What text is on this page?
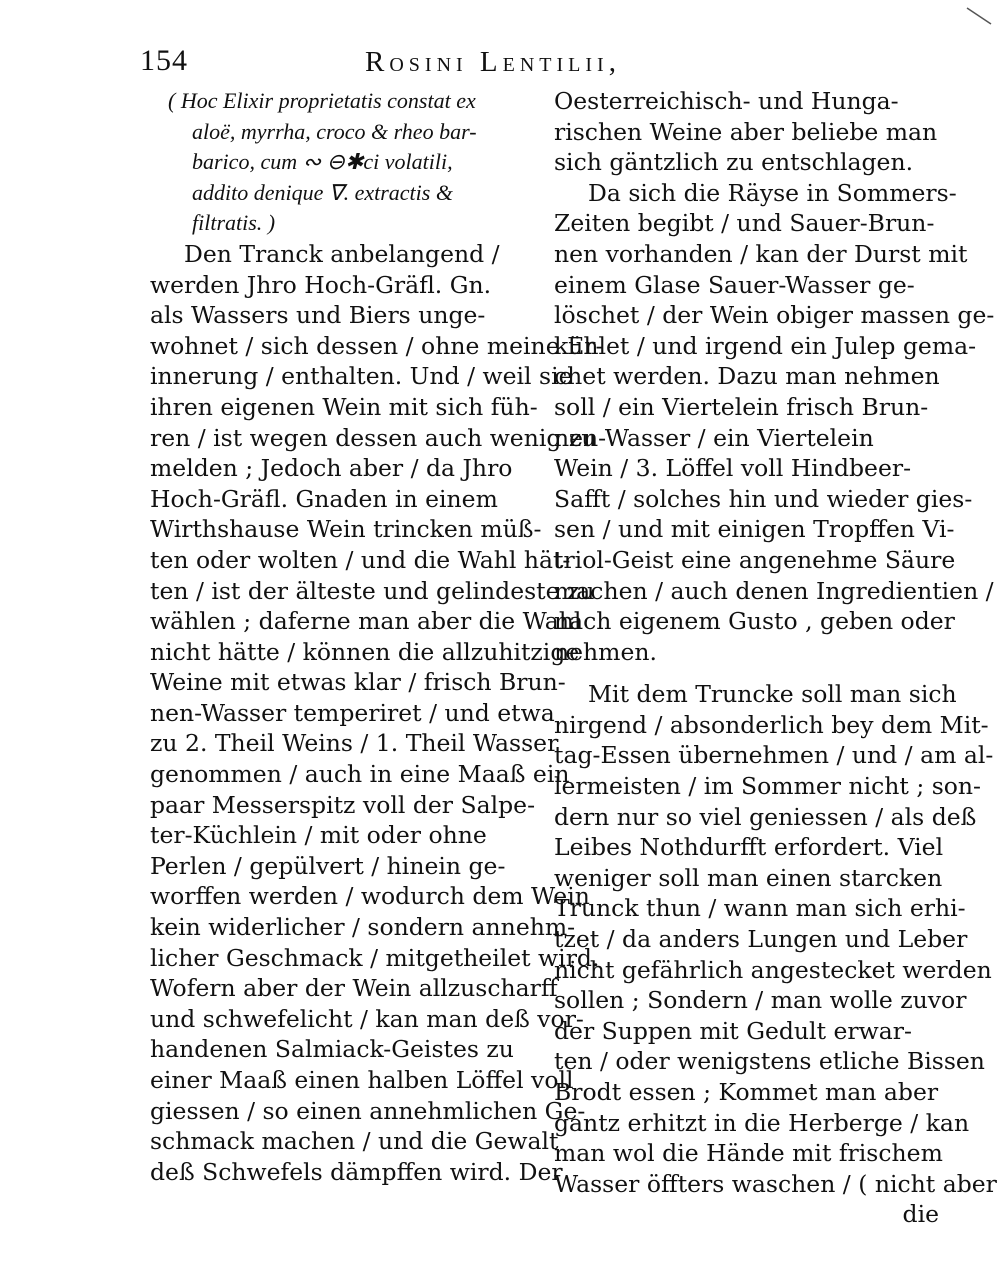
154	Rosini Lentilii,
( Hoc Elixir proprietatis constat ex
aloë, myrrha, croco & rheo bar-
barico, cum ∾ ⊖✱ci volatili,
addito denique ∇. extractis &
filtratis. )
Den Tranck anbelangend /
werden Jhro Hoch-Gräfl. Gn.
als Wassers und Biers unge-
wohnet / sich dessen / ohne meine Er-
innerung / enthalten. Und / weil sie
ihren eigenen Wein mit sich füh-
ren / ist wegen dessen auch wenig zu
melden ; Jedoch aber / da Jhro
Hoch-Gräfl. Gnaden in einem
Wirthshause Wein trincken müß-
ten oder wolten / und die Wahl hät-
ten / ist der älteste und gelindeste zu
wählen ; daferne man aber die Wahl
nicht hätte / können die allzuhitzige
Weine mit etwas klar / frisch Brun-
nen-Wasser temperiret / und etwa
zu 2. Theil Weins / 1. Theil Wasser
genommen / auch in eine Maaß ein
paar Messerspitz voll der Salpe-
ter-Küchlein / mit oder ohne
Perlen / gepülvert / hinein ge-
worffen werden / wodurch dem Wein
kein widerlicher / sondern annehm-
licher Geschmack / mitgetheilet wird.
Wofern aber der Wein allzuscharff
und schwefelicht / kan man deß vor-
handenen Salmiack-Geistes zu
einer Maaß einen halben Löffel voll
giessen / so einen annehmlichen Ge-
schmack machen / und die Gewalt
deß Schwefels dämpffen wird. Der
Oesterreichisch- und Hunga-
rischen Weine aber beliebe man
sich gäntzlich zu entschlagen.
Da sich die Räyse in Sommers-
Zeiten begibt / und Sauer-Brun-
nen vorhanden / kan der Durst mit
einem Glase Sauer-Wasser ge-
löschet / der Wein obiger massen ge-
kühlet / und irgend ein Julep gema-
chet werden. Dazu man nehmen
soll / ein Viertelein frisch Brun-
nen-Wasser / ein Viertelein
Wein / 3. Löffel voll Hindbeer-
Safft / solches hin und wieder gies-
sen / und mit einigen Tropffen Vi-
triol-Geist eine angenehme Säure
machen / auch denen Ingredientien /
nach eigenem Gusto , geben oder
nehmen.
Mit dem Truncke soll man sich
nirgend / absonderlich bey dem Mit-
tag-Essen übernehmen / und / am al-
lermeisten / im Sommer nicht ; son-
dern nur so viel geniessen / als deß
Leibes Nothdurfft erfordert. Viel
weniger soll man einen starcken
Trunck thun / wann man sich erhi-
tzet / da anders Lungen und Leber
nicht gefährlich angestecket werden
sollen ; Sondern / man wolle zuvor
der Suppen mit Gedult erwar-
ten / oder wenigstens etliche Bissen
Brodt essen ; Kommet man aber
gantz erhitzt in die Herberge / kan
man wol die Hände mit frischem
Wasser öffters waschen / ( nicht aber
die
